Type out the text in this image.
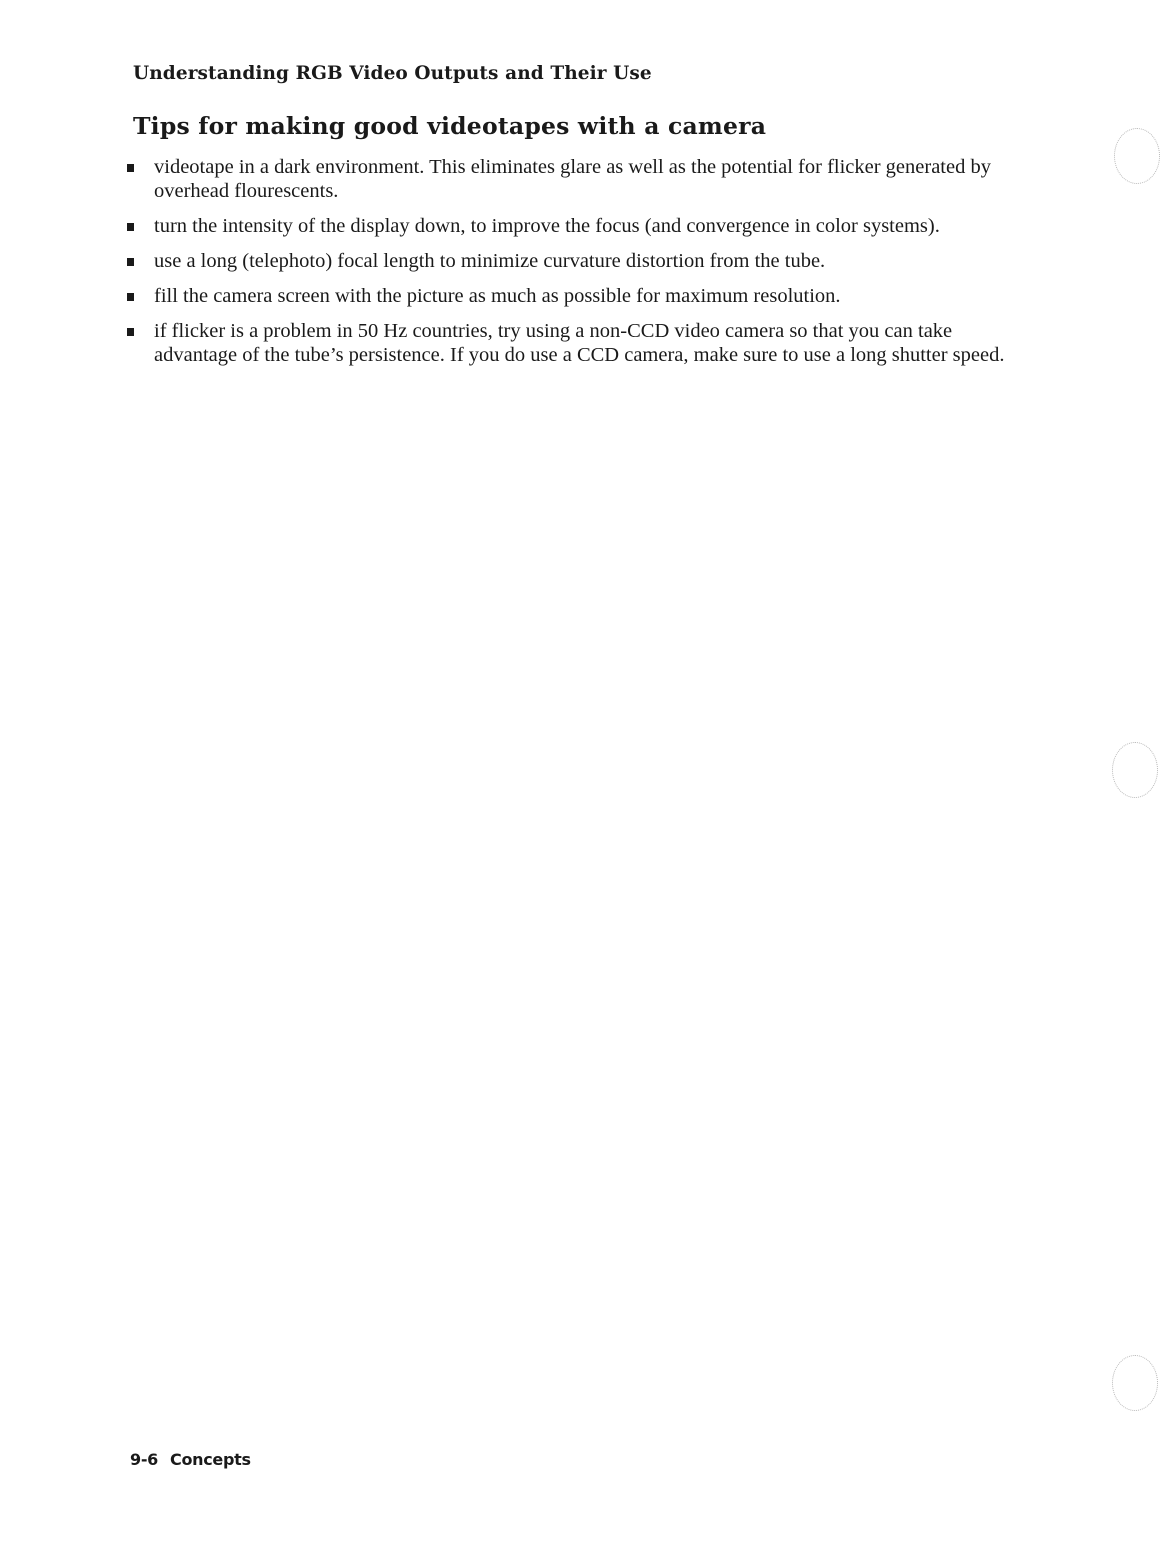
Understanding RGB Video Outputs and Their Use
Tips for making good videotapes with a camera
videotape in a dark environment. This eliminates glare as well as the potential for flicker generated by overhead flourescents.
turn the intensity of the display down, to improve the focus (and convergence in color systems).
use a long (telephoto) focal length to minimize curvature distortion from the tube.
fill the camera screen with the picture as much as possible for maximum resolution.
if flicker is a problem in 50 Hz countries, try using a non-CCD video camera so that you can take advantage of the tube’s persistence. If you do use a CCD camera, make sure to use a long shutter speed.
9-6 Concepts
